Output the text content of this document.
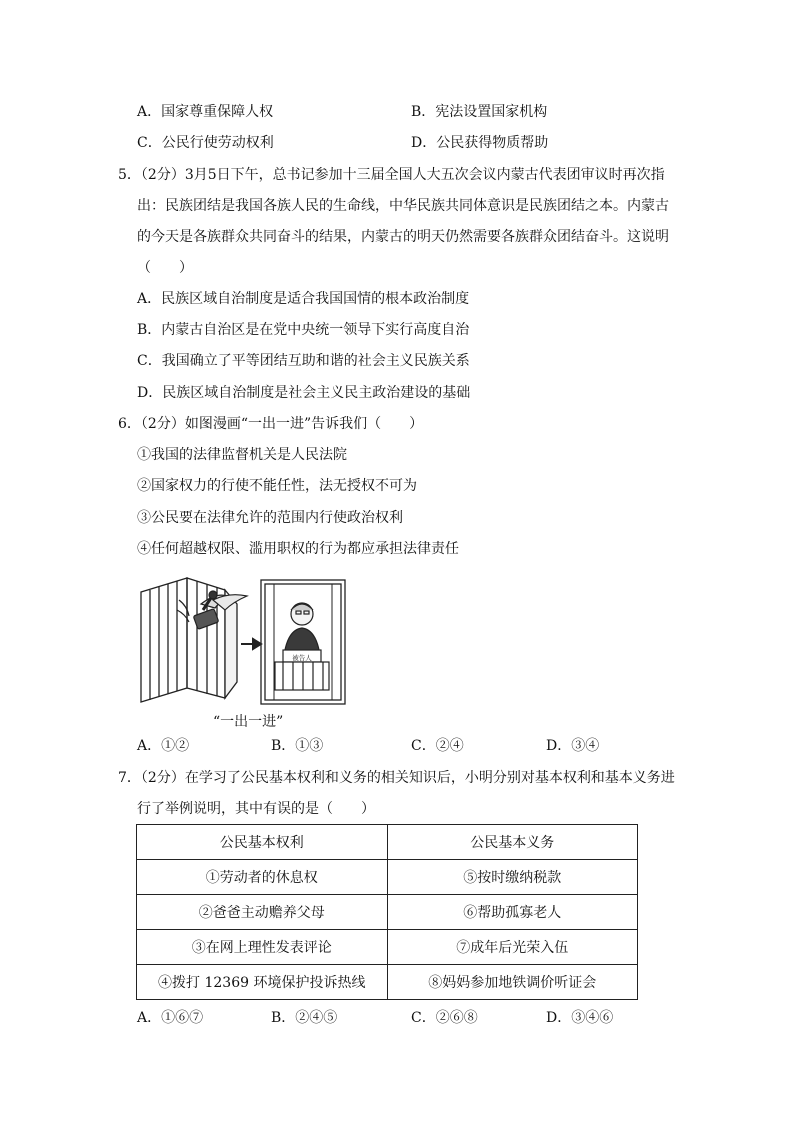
A．国家尊重保障人权	B．宪法设置国家机构
C．公民行使劳动权利	D．公民获得物质帮助
5．（2分）3月5日下午，总书记参加十三届全国人大五次会议内蒙古代表团审议时再次指
出：民族团结是我国各族人民的生命线，中华民族共同体意识是民族团结之本。内蒙古
的今天是各族群众共同奋斗的结果，内蒙古的明天仍然需要各族群众团结奋斗。这说明
（　　）
A．民族区域自治制度是适合我国国情的根本政治制度
B．内蒙古自治区是在党中央统一领导下实行高度自治
C．我国确立了平等团结互助和谐的社会主义民族关系
D．民族区域自治制度是社会主义民主政治建设的基础
6．（2分）如图漫画“一出一进”告诉我们（　　）
①我国的法律监督机关是人民法院
②国家权力的行使不能任性，法无授权不可为
③公民要在法律允许的范围内行使政治权利
④任何超越权限、滥用职权的行为都应承担法律责任
被告人
“一出一进”
A．①②	B．①③	C．②④	D．③④
7．（2分）在学习了公民基本权利和义务的相关知识后，小明分别对基本权利和基本义务进
行了举例说明，其中有误的是（　　）
公民基本权利	公民基本义务
①劳动者的休息权	⑤按时缴纳税款
②爸爸主动赡养父母	⑥帮助孤寡老人
③在网上理性发表评论	⑦成年后光荣入伍
④拨打 12369 环境保护投诉热线	⑧妈妈参加地铁调价听证会
A．①⑥⑦	B．②④⑤	C．②⑥⑧	D．③④⑥
